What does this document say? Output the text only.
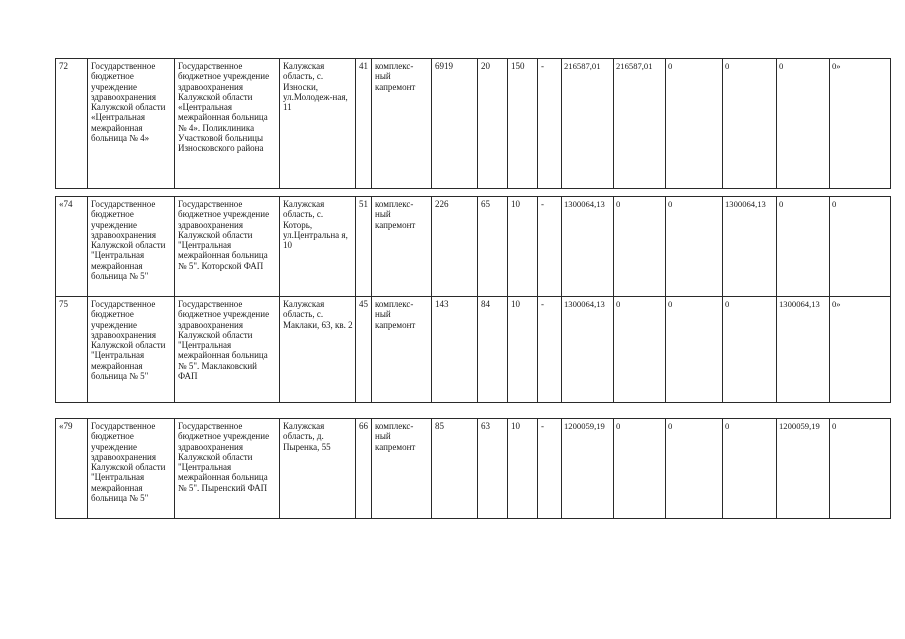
72	Государственное бюджетное учреждение здравоохранения Калужской области «Центральная межрайонная больница № 4»	Государственное бюджетное учреждение здравоохранения Калужской области «Центральная межрайонная больница № 4». Поликлиника Участковой больницы Износковского района	Калужская область, с. Износки, ул.Молодеж-ная, 11	41	комплекс-ный капремонт	6919	20	150	-	216587,01	216587,01	0	0	0	0»
«74	Государственное бюджетное учреждение здравоохранения Калужской области "Центральная межрайонная больница № 5"	Государственное бюджетное учреждение здравоохранения Калужской области "Центральная межрайонная больница № 5". Которской ФАП	Калужская область, с. Которь, ул.Центральна я, 10	51	комплекс-ный капремонт	226	65	10	-	1300064,13	0	0	1300064,13	0	0
75	Государственное бюджетное учреждение здравоохранения Калужской области "Центральная межрайонная больница № 5"	Государственное бюджетное учреждение здравоохранения Калужской области "Центральная межрайонная больница № 5". Маклаковский ФАП	Калужская область, с. Маклаки, 63, кв. 2	45	комплекс-ный капремонт	143	84	10	-	1300064,13	0	0	0	1300064,13	0»
«79	Государственное бюджетное учреждение здравоохранения Калужской области "Центральная межрайонная больница № 5"	Государственное бюджетное учреждение здравоохранения Калужской области "Центральная межрайонная больница № 5". Пыренский ФАП	Калужская область, д. Пыренка, 55	66	комплекс-ный капремонт	85	63	10	-	1200059,19	0	0	0	1200059,19	0
